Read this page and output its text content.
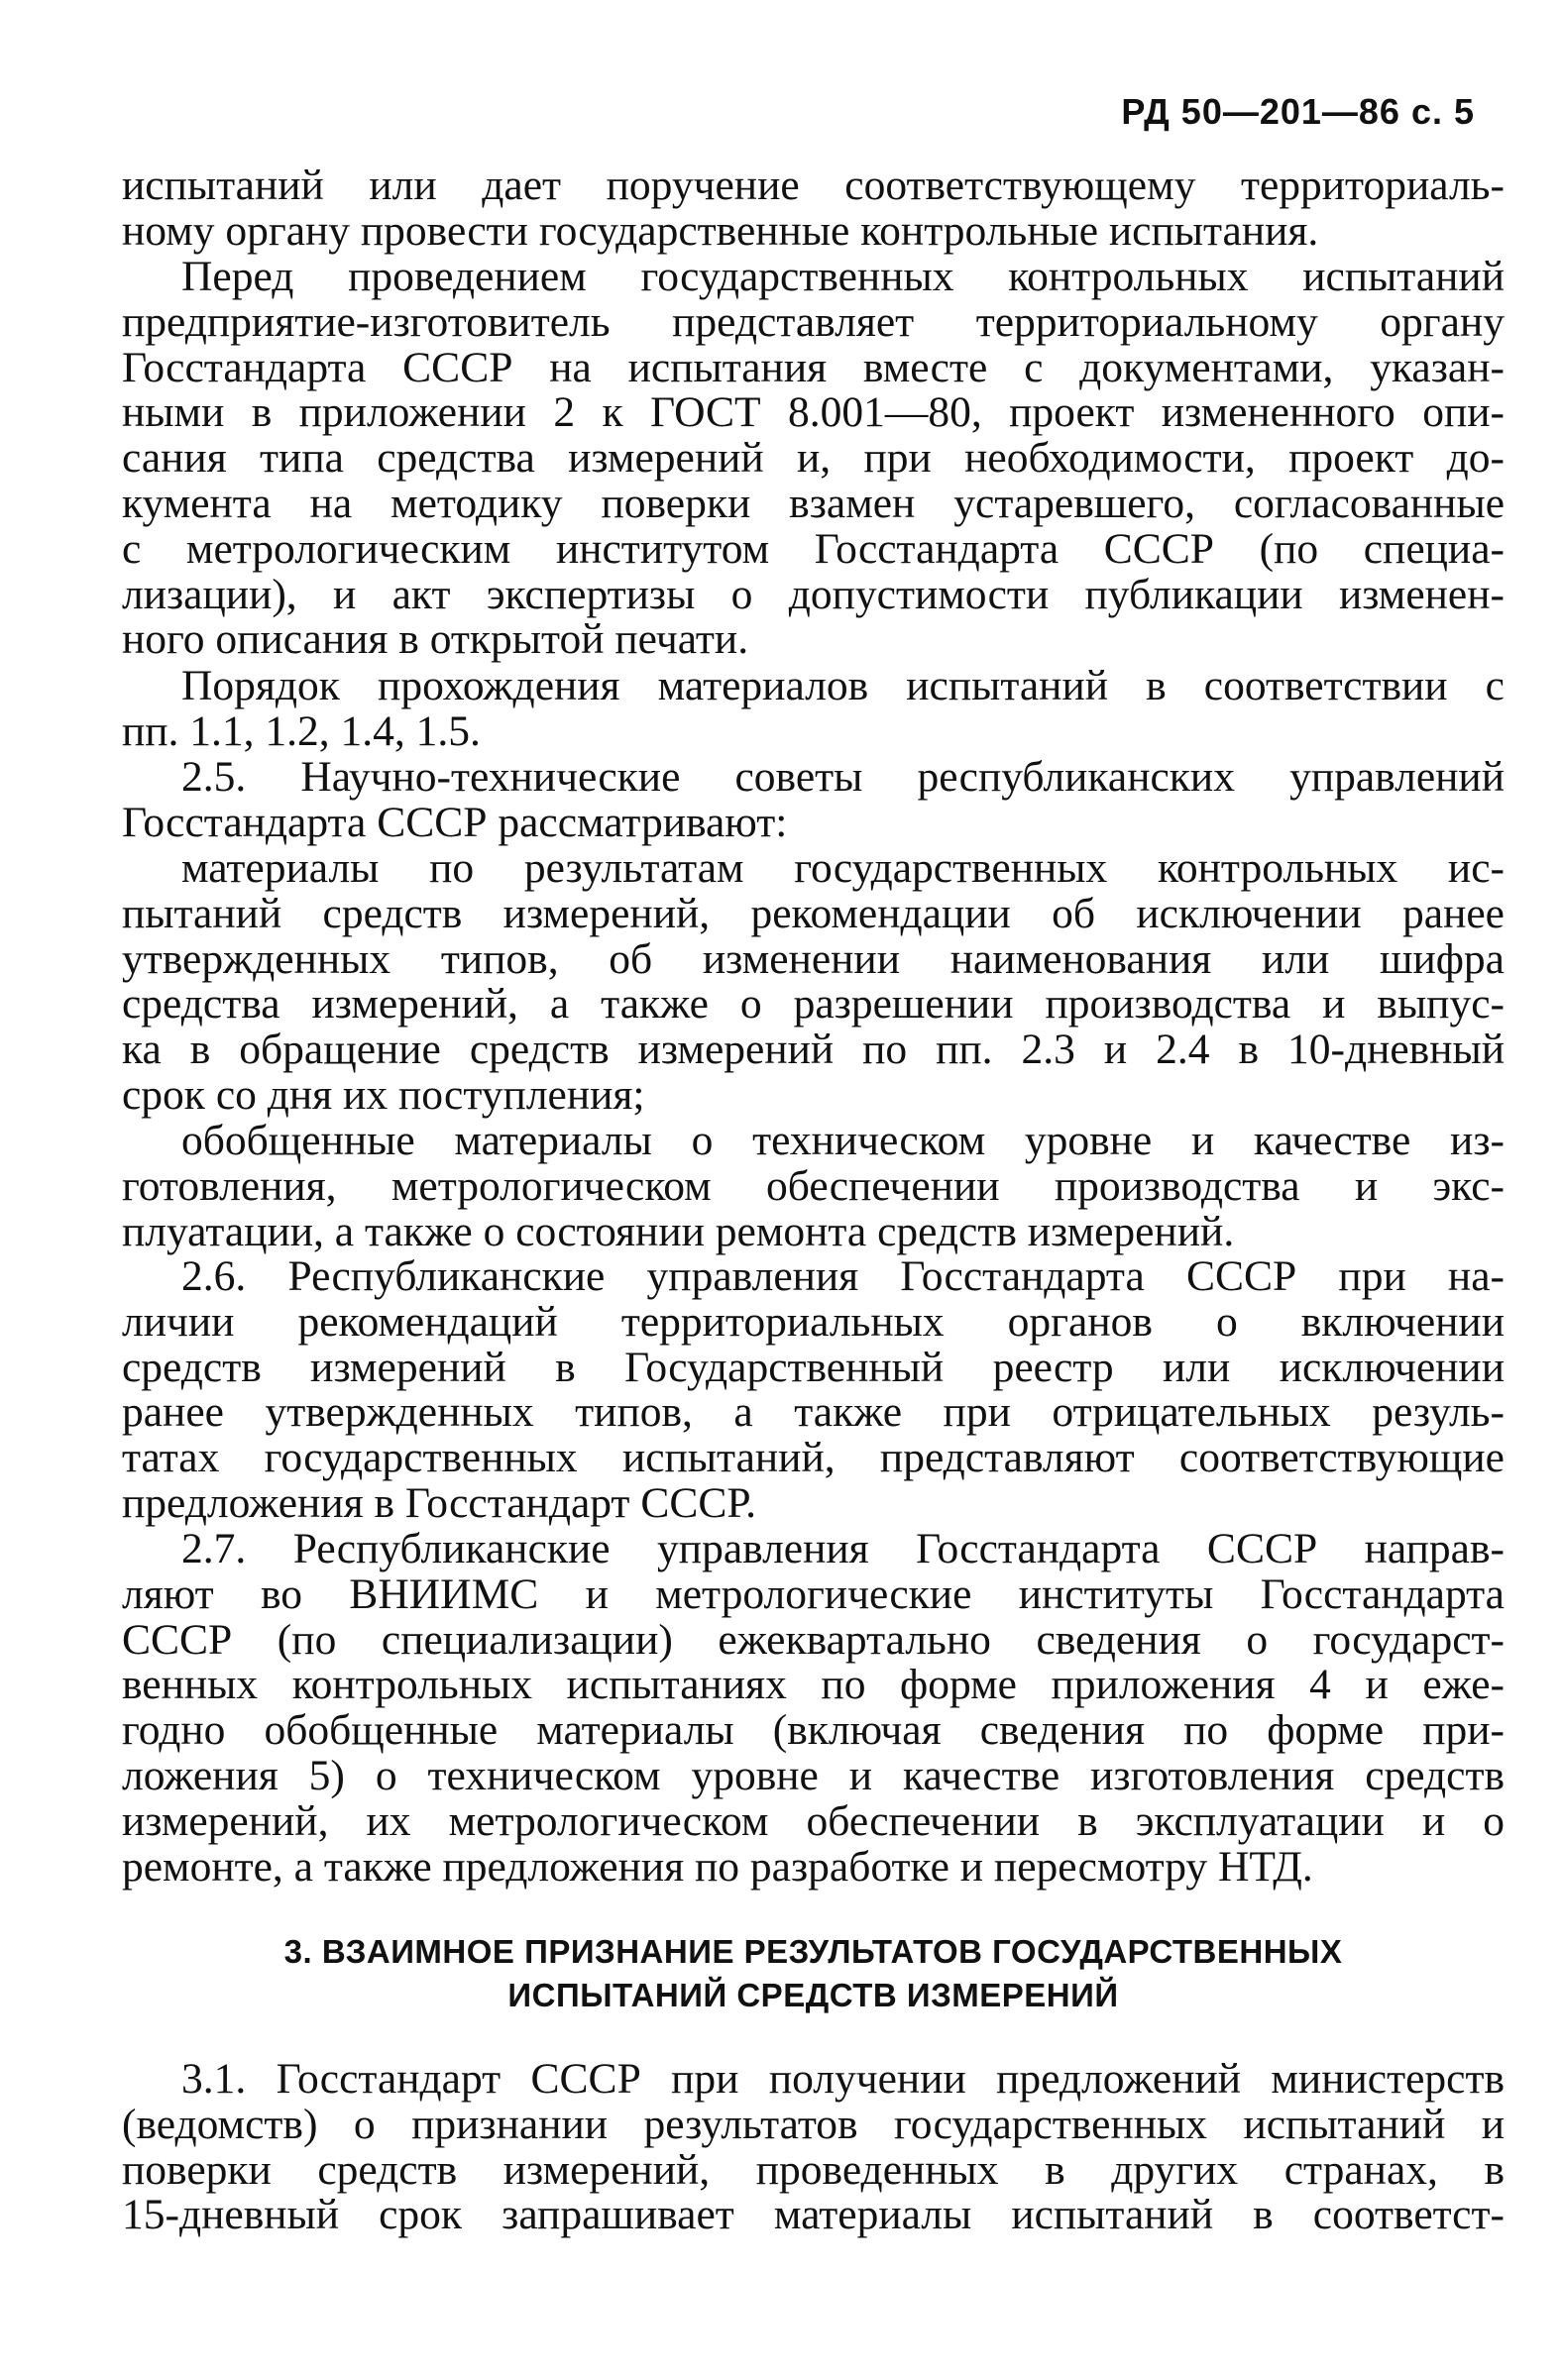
РД 50—201—86 с. 5
испытаний или дает поручение соответствующему территориаль-
ному органу провести государственные контрольные испытания.
Перед проведением государственных контрольных испытаний
предприятие-изготовитель представляет территориальному органу
Госстандарта СССР на испытания вместе с документами, указан-
ными в приложении 2 к ГОСТ 8.001—80, проект измененного опи-
сания типа средства измерений и, при необходимости, проект до-
кумента на методику поверки взамен устаревшего, согласованные
с метрологическим институтом Госстандарта СССР (по специа-
лизации), и акт экспертизы о допустимости публикации изменен-
ного описания в открытой печати.
Порядок прохождения материалов испытаний в соответствии с
пп. 1.1, 1.2, 1.4, 1.5.
2.5. Научно-технические советы республиканских управлений
Госстандарта СССР рассматривают:
материалы по результатам государственных контрольных ис-
пытаний средств измерений, рекомендации об исключении ранее
утвержденных типов, об изменении наименования или шифра
средства измерений, а также о разрешении производства и выпус-
ка в обращение средств измерений по пп. 2.3 и 2.4 в 10-дневный
срок со дня их поступления;
обобщенные материалы о техническом уровне и качестве из-
готовления, метрологическом обеспечении производства и экс-
плуатации, а также о состоянии ремонта средств измерений.
2.6. Республиканские управления Госстандарта СССР при на-
личии рекомендаций территориальных органов о включении
средств измерений в Государственный реестр или исключении
ранее утвержденных типов, а также при отрицательных резуль-
татах государственных испытаний, представляют соответствующие
предложения в Госстандарт СССР.
2.7. Республиканские управления Госстандарта СССР направ-
ляют во ВНИИМС и метрологические институты Госстандарта
СССР (по специализации) ежеквартально сведения о государст-
венных контрольных испытаниях по форме приложения 4 и еже-
годно обобщенные материалы (включая сведения по форме при-
ложения 5) о техническом уровне и качестве изготовления средств
измерений, их метрологическом обеспечении в эксплуатации и о
ремонте, а также предложения по разработке и пересмотру НТД.
3. ВЗАИМНОЕ ПРИЗНАНИЕ РЕЗУЛЬТАТОВ ГОСУДАРСТВЕННЫХ
ИСПЫТАНИЙ СРЕДСТВ ИЗМЕРЕНИЙ
3.1. Госстандарт СССР при получении предложений министерств
(ведомств) о признании результатов государственных испытаний и
поверки средств измерений, проведенных в других странах, в
15-дневный срок запрашивает материалы испытаний в соответст-
